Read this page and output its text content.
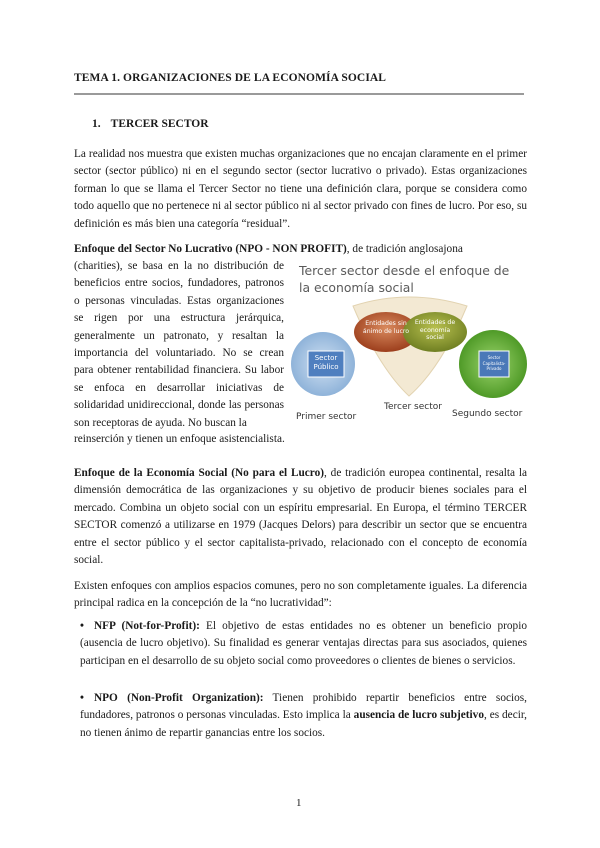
TEMA 1. ORGANIZACIONES DE LA ECONOMÍA SOCIAL
1. TERCER SECTOR

La realidad nos muestra que existen muchas organizaciones que no encajan claramente en el primer sector (sector público) ni en el segundo sector (sector lucrativo o privado). Estas organizaciones forman lo que se llama el Tercer Sector no tiene una definición clara, porque se considera como todo aquello que no pertenece ni al sector público ni al sector privado con fines de lucro. Por eso, su definición es más bien una categoría “residual”.

Enfoque del Sector No Lucrativo (NPO - NON PROFIT), de tradición anglosajona

(charities), se basa en la no distribución de beneficios entre socios, fundadores, patronos o personas vinculadas. Estas organizaciones se rigen por una estructura jerárquica, generalmente un patronato, y resaltan la importancia del voluntariado. No se crean para obtener rentabilidad financiera. Su labor se enfoca en desarrollar iniciativas de solidaridad unidireccional, donde las personas son receptoras de ayuda. No buscan la

reinserción y tienen un enfoque asistencialista.

Tercer sector desde el enfoque de la economía social
Sector Público
Entidades sin ánimo de lucro
Entidades de economía social
Sector Capitalista-Privado
Primer sector
Tercer sector
Segundo sector

Enfoque de la Economía Social (No para el Lucro), de tradición europea continental, resalta la dimensión democrática de las organizaciones y su objetivo de producir bienes sociales para el mercado. Combina un objeto social con un espíritu empresarial. En Europa, el término TERCER SECTOR comenzó a utilizarse en 1979 (Jacques Delors) para describir un sector que se encuentra entre el sector público y el sector capitalista-privado, relacionado con el concepto de economía social.

Existen enfoques con amplios espacios comunes, pero no son completamente iguales. La diferencia principal radica en la concepción de la “no lucratividad”:

• NFP (Not-for-Profit): El objetivo de estas entidades no es obtener un beneficio propio (ausencia de lucro objetivo). Su finalidad es generar ventajas directas para sus asociados, quienes participan en el desarrollo de su objeto social como proveedores o clientes de bienes o servicios.

• NPO (Non-Profit Organization): Tienen prohibido repartir beneficios entre socios, fundadores, patronos o personas vinculadas. Esto implica la ausencia de lucro subjetivo, es decir, no tienen ánimo de repartir ganancias entre los socios.

1
